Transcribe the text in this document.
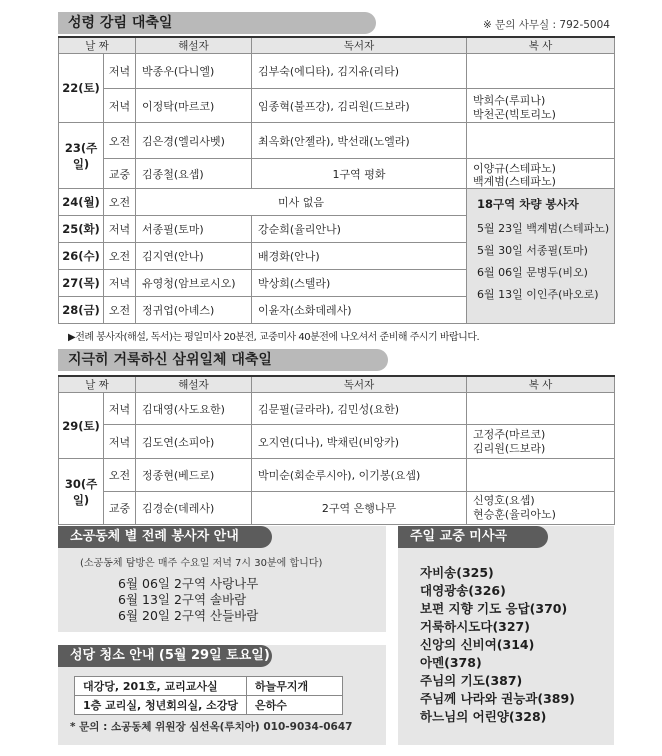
성령 강림 대축일	※ 문의 사무실 : 792-5004
날 짜		해설자	독서자	복 사
22(토)	저녁	박종우(다니엘)	김부숙(에디타), 김지유(리타)	
	저녁	이정탁(마르코)	임종혁(불프강), 김리원(드보라)	박희수(루피나)
박천곤(빅토리노)

23(주일)	오전	김은경(엘리사벳)	최옥화(안젤라), 박선래(노엘라)	
	교중	김종철(요셉)	1구역 평화	이양규(스테파노)
백계범(스테파노)

24(월)	오전	미사 없음		18구역 차량 봉사자
5월 23일 백계범(스테파노)
5월 30일 서종필(토마)
6월 06일 문병두(비오)
6월 13일 이인주(바오로)

25(화)	저녁	서종필(토마)	강순희(율리안나)	
26(수)	오전	김지연(안나)	배경화(안나)	
27(목)	저녁	유영청(암브로시오)	박상희(스텔라)	
28(금)	오전	정귀업(아녜스)	이윤자(소화데레사)	
▶전례 봉사자(해설, 독서)는 평일미사 20분전, 교중미사 40분전에 나오셔서 준비해 주시기 바랍니다.
지극히 거룩하신 삼위일체 대축일
날 짜		해설자	독서자	복 사
29(토)	저녁	김대영(사도요한)	김문필(글라라), 김민성(요한)	
	저녁	김도연(소피아)	오지연(디나), 박채린(비앙카)	고정주(마르코)
김리원(드보라)

30(주일)	오전	정종현(베드로)	박미순(회순루시아), 이기봉(요셉)	
	교중	김경순(데레사)	2구역 은행나무	신영호(요셉)
현승훈(율리아노)
소공동체 별 전례 봉사자 안내
(소공동체 탐방은 매주 수요일 저녁 7시 30분에 합니다)
6월 06일 2구역 사랑나무
6월 13일 2구역 솔바람
6월 20일 2구역 산들바람
성당 청소 안내 (5월 29일 토요일)
대강당, 201호, 교리교사실	하늘무지개
1층 교리실, 청년회의실, 소강당	은하수
* 문의 : 소공동체 위원장 심선옥(루치아) 010-9034-0647
주일 교중 미사곡
자비송(325)
대영광송(326)
보편 지향 기도 응답(370)
거룩하시도다(327)
신앙의 신비여(314)
아멘(378)
주님의 기도(387)
주님께 나라와 권능과(389)
하느님의 어린양(328)
